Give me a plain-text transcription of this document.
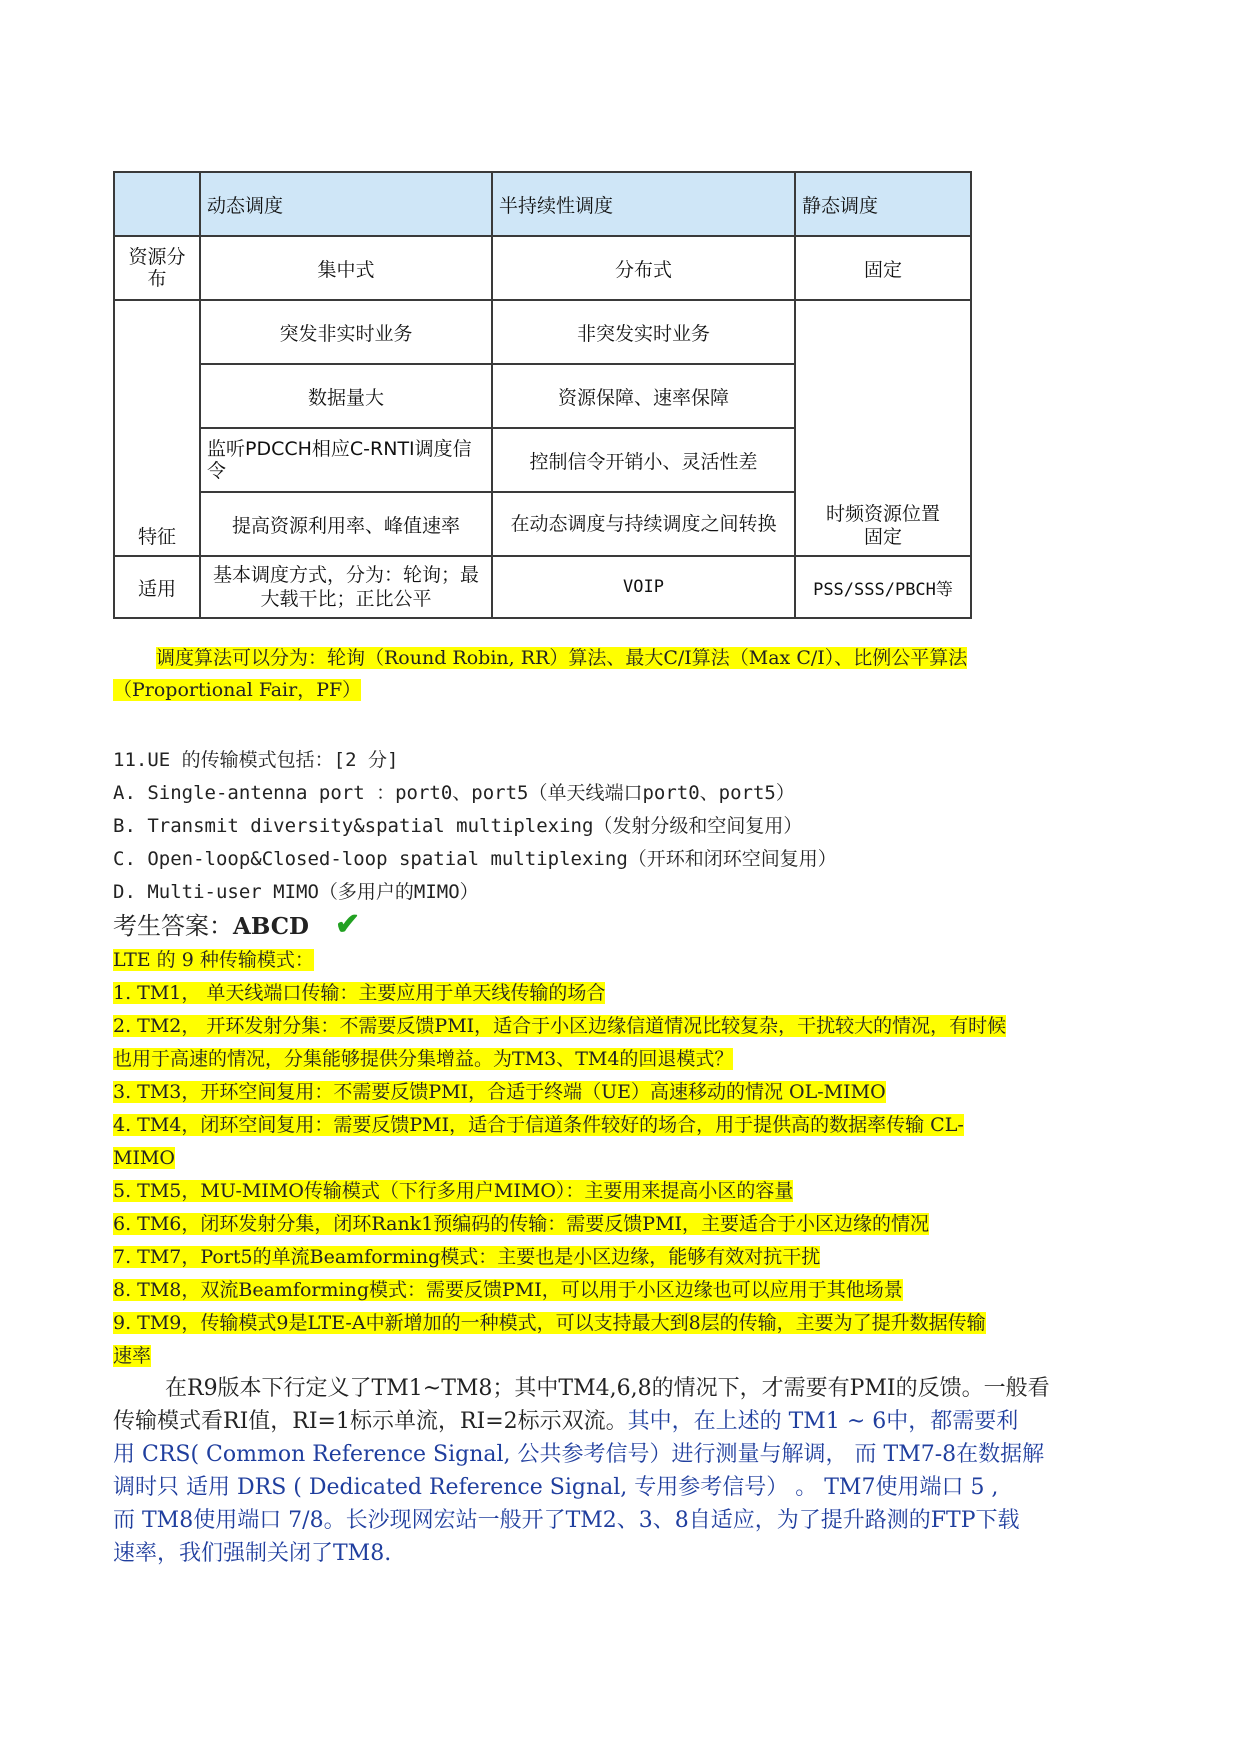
	动态调度	半持续性调度	静态调度
资源分布	集中式	分布式	固定
特征	突发非实时业务	非突发实时业务	时频资源位置固定
	数据量大	资源保障、速率保障	
	监听PDCCH相应C-RNTI调度信令	控制信令开销小、灵活性差	
	提高资源利用率、峰值速率	在动态调度与持续调度之间转换	
适用	基本调度方式，分为：轮询；最大载干比；正比公平	VOIP	PSS/SSS/PBCH等
调度算法可以分为：轮询（Round Robin, RR）算法、最大C/I算法（Max C/I）、比例公平算法
（Proportional Fair，PF）
11.UE 的传输模式包括：[2 分]
A. Single-antenna port ：port0、port5（单天线端口port0、port5）
B. Transmit diversity&spatial multiplexing（发射分级和空间复用）
C. Open-loop&Closed-loop spatial multiplexing（开环和闭环空间复用）
D. Multi-user MIMO（多用户的MIMO）
考生答案：ABCD ✔
LTE 的 9 种传输模式：
1. TM1， 单天线端口传输：主要应用于单天线传输的场合
2. TM2， 开环发射分集：不需要反馈PMI，适合于小区边缘信道情况比较复杂，干扰较大的情况，有时候
也用于高速的情况，分集能够提供分集增益。为TM3、TM4的回退模式？
3. TM3，开环空间复用：不需要反馈PMI，合适于终端（UE）高速移动的情况 OL-MIMO
4. TM4，闭环空间复用：需要反馈PMI，适合于信道条件较好的场合，用于提供高的数据率传输 CL-
MIMO
5. TM5，MU-MIMO传输模式（下行多用户MIMO）：主要用来提高小区的容量
6. TM6，闭环发射分集，闭环Rank1预编码的传输：需要反馈PMI，主要适合于小区边缘的情况
7. TM7，Port5的单流Beamforming模式：主要也是小区边缘，能够有效对抗干扰
8. TM8，双流Beamforming模式：需要反馈PMI，可以用于小区边缘也可以应用于其他场景
9. TM9，传输模式9是LTE-A中新增加的一种模式，可以支持最大到8层的传输，主要为了提升数据传输
速率
在R9版本下行定义了TM1~TM8；其中TM4,6,8的情况下，才需要有PMI的反馈。一般看
传输模式看RI值，RI=1标示单流，RI=2标示双流。其中，在上述的 TM1 ~ 6中，都需要利
用 CRS( Common Reference Signal, 公共参考信号）进行测量与解调， 而 TM7-8在数据解
调时只 适用 DRS ( Dedicated Reference Signal, 专用参考信号） 。 TM7使用端口 5 ,
而 TM8使用端口 7/8。长沙现网宏站一般开了TM2、3、8自适应，为了提升路测的FTP下载
速率，我们强制关闭了TM8.
